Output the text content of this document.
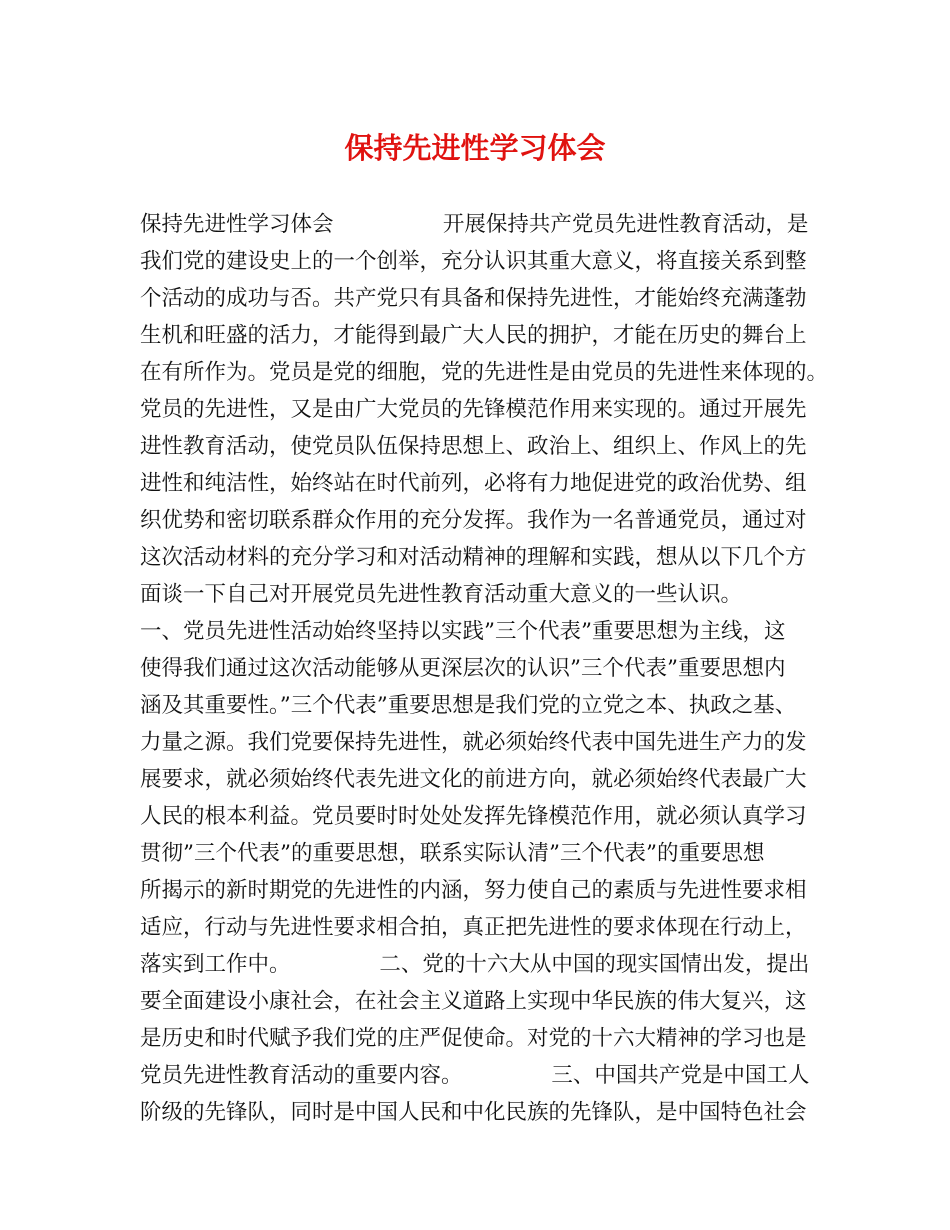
保持先进性学习体会
保持先进性学习体会                开展保持共产党员先进性教育活动，是
我们党的建设史上的一个创举，充分认识其重大意义，将直接关系到整
个活动的成功与否。共产党只有具备和保持先进性，才能始终充满蓬勃
生机和旺盛的活力，才能得到最广大人民的拥护，才能在历史的舞台上
在有所作为。党员是党的细胞，党的先进性是由党员的先进性来体现的。
党员的先进性，又是由广大党员的先锋模范作用来实现的。通过开展先
进性教育活动，使党员队伍保持思想上、政治上、组织上、作风上的先
进性和纯洁性，始终站在时代前列，必将有力地促进党的政治优势、组
织优势和密切联系群众作用的充分发挥。我作为一名普通党员，通过对
这次活动材料的充分学习和对活动精神的理解和实践，想从以下几个方
面谈一下自己对开展党员先进性教育活动重大意义的一些认识。
一、党员先进性活动始终坚持以实践”三个代表”重要思想为主线，这
使得我们通过这次活动能够从更深层次的认识”三个代表”重要思想内
涵及其重要性。”三个代表”重要思想是我们党的立党之本、执政之基、
力量之源。我们党要保持先进性，就必须始终代表中国先进生产力的发
展要求，就必须始终代表先进文化的前进方向，就必须始终代表最广大
人民的根本利益。党员要时时处处发挥先锋模范作用，就必须认真学习
贯彻”三个代表”的重要思想，联系实际认清”三个代表”的重要思想
所揭示的新时期党的先进性的内涵，努力使自己的素质与先进性要求相
适应，行动与先进性要求相合拍，真正把先进性的要求体现在行动上，
落实到工作中。             二、党的十六大从中国的现实国情出发，提出
要全面建设小康社会，在社会主义道路上实现中华民族的伟大复兴，这
是历史和时代赋予我们党的庄严促使命。对党的十六大精神的学习也是
党员先进性教育活动的重要内容。             三、中国共产党是中国工人
阶级的先锋队，同时是中国人民和中化民族的先锋队，是中国特色社会
